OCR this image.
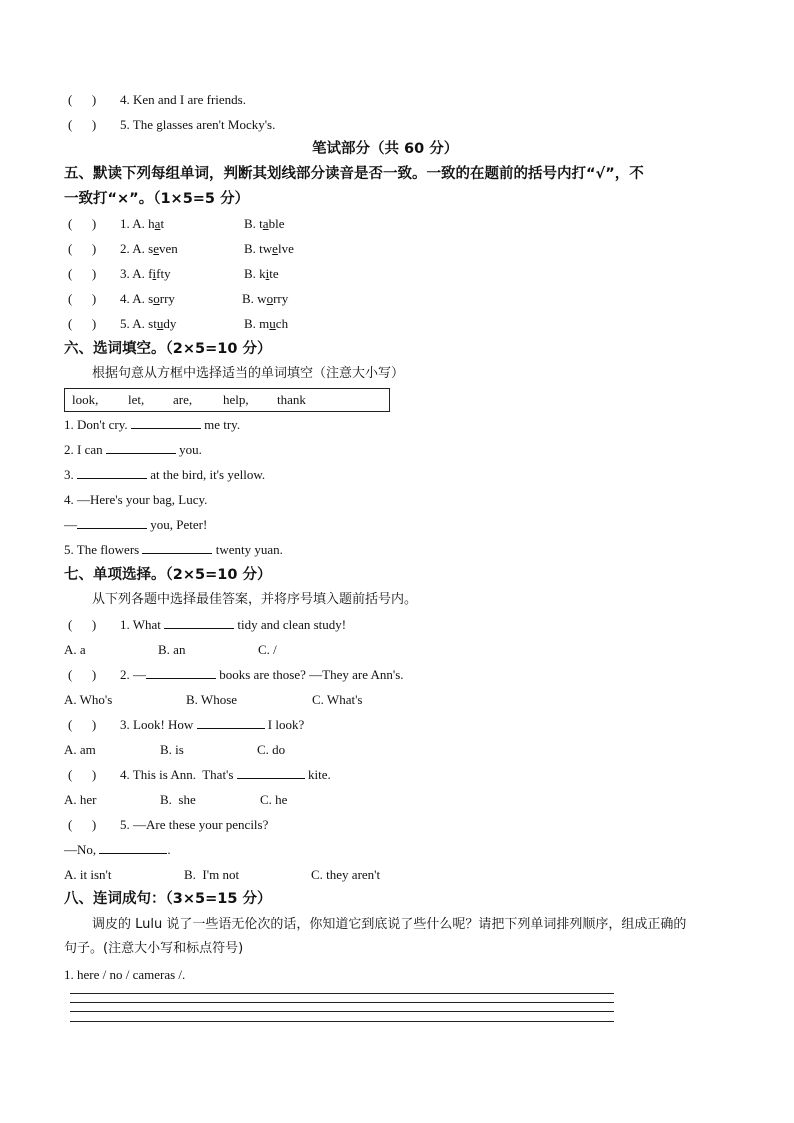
(      ) 4. Ken and I are friends.
(      ) 5. The glasses aren't Mocky's.
笔试部分（共 60 分）
五、默读下列每组单词，判断其划线部分读音是否一致。一致的在题前的括号内打“√”，不
一致打“×”。（1×5=5 分）
(      ) 1. A. hat	B. table
(      ) 2. A. seven	B. twelve
(      ) 3. A. fifty	B. kite
(      ) 4. A. sorry	B. worry
(      ) 5. A. study	B. much
六、选词填空。（2×5=10 分）
根据句意从方框中选择适当的单词填空（注意大小写）
look, let, are, help, thank
1. Don't cry.	me try.
2. I can	you.
3.	at the bird, it's yellow.
4. —Here's your bag, Lucy.
—	you, Peter!
5. The flowers	twenty yuan.
七、单项选择。（2×5=10 分）
从下列各题中选择最佳答案，并将序号填入题前括号内。
(      ) 1. What	tidy and clean study!
A. a	B. an	C. /
(      ) 2. —	books are those? —They are Ann's.
A. Who's	B. Whose	C. What's
(      ) 3. Look! How	I look?
A. am	B. is	C. do
(      ) 4. This is Ann.  That's	kite.
A. her	B.  she	C. he
(      ) 5. —Are these your pencils?
—No,	.
A. it isn't	B.  I'm not	C. they aren't
八、连词成句：（3×5=15 分）
调皮的 Lulu 说了一些语无伦次的话，你知道它到底说了些什么呢？请把下列单词排列顺序，组成正确的
句子。(注意大小写和标点符号)
1. here / no / cameras /.
